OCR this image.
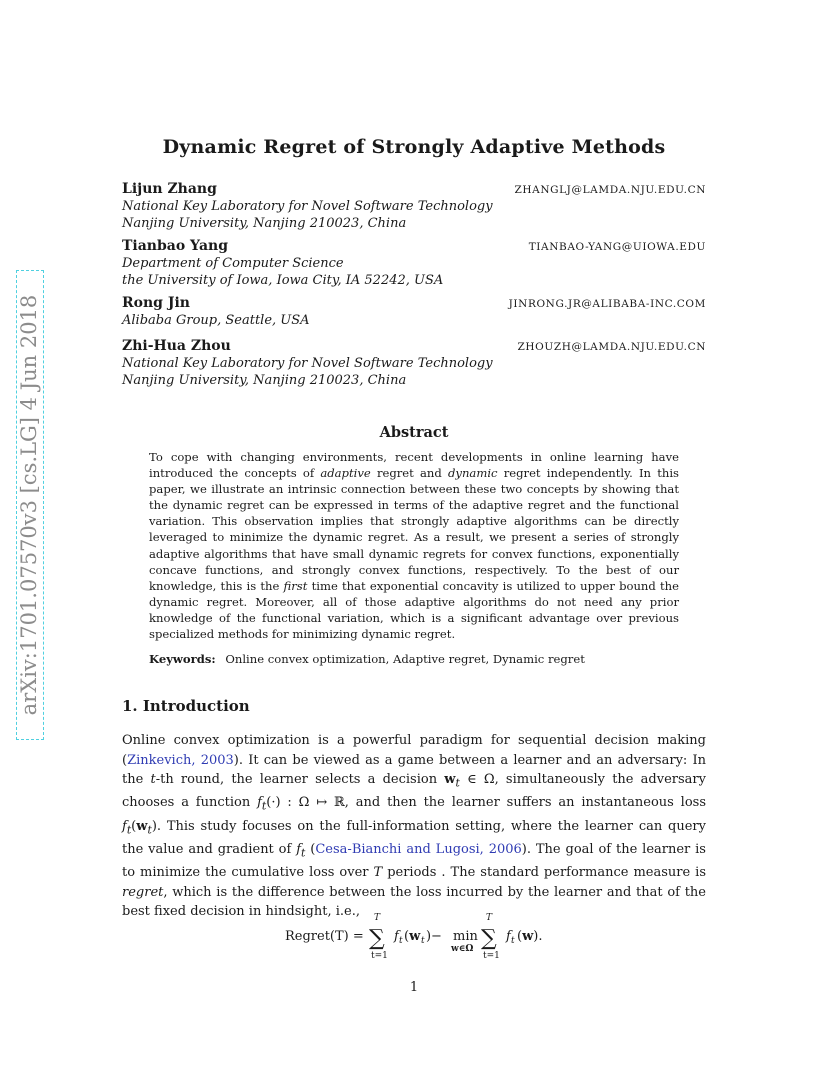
arXiv:1701.07570v3 [cs.LG] 4 Jun 2018
Dynamic Regret of Strongly Adaptive Methods
Lijun Zhang	ZHANGLJ@LAMDA.NJU.EDU.CN
National Key Laboratory for Novel Software Technology
Nanjing University, Nanjing 210023, China
Tianbao Yang	TIANBAO-YANG@UIOWA.EDU
Department of Computer Science
the University of Iowa, Iowa City, IA 52242, USA
Rong Jin	JINRONG.JR@ALIBABA-INC.COM
Alibaba Group, Seattle, USA
Zhi-Hua Zhou	ZHOUZH@LAMDA.NJU.EDU.CN
National Key Laboratory for Novel Software Technology
Nanjing University, Nanjing 210023, China
Abstract
To cope with changing environments, recent developments in online learning have introduced the concepts of adaptive regret and dynamic regret independently. In this paper, we illustrate an intrinsic connection between these two concepts by showing that the dynamic regret can be expressed in terms of the adaptive regret and the functional variation. This observation implies that strongly adaptive algorithms can be directly leveraged to minimize the dynamic regret. As a result, we present a series of strongly adaptive algorithms that have small dynamic regrets for convex functions, exponentially concave functions, and strongly convex functions, respectively. To the best of our knowledge, this is the first time that exponential concavity is utilized to upper bound the dynamic regret. Moreover, all of those adaptive algorithms do not need any prior knowledge of the functional variation, which is a significant advantage over previous specialized methods for minimizing dynamic regret.
Keywords: Online convex optimization, Adaptive regret, Dynamic regret
1. Introduction
Online convex optimization is a powerful paradigm for sequential decision making (Zinkevich, 2003). It can be viewed as a game between a learner and an adversary: In the t-th round, the learner selects a decision $w_t$ ∈ Ω, simultaneously the adversary chooses a function $f_t(\cdot)$ : Ω ↦ ℝ, and then the learner suffers an instantaneous loss $f_t(w_t)$. This study focuses on the full-information setting, where the learner can query the value and gradient of $f_t$ (Cesa-Bianchi and Lugosi, 2006). The goal of the learner is to minimize the cumulative loss over T periods . The standard performance measure is regret, which is the difference between the loss incurred by the learner and that of the best fixed decision in hindsight, i.e.,
Regret(T) =
T
∑
t=1
f t (w t ) − min
w∈Ω
T
∑
t=1
f t (w).
1
